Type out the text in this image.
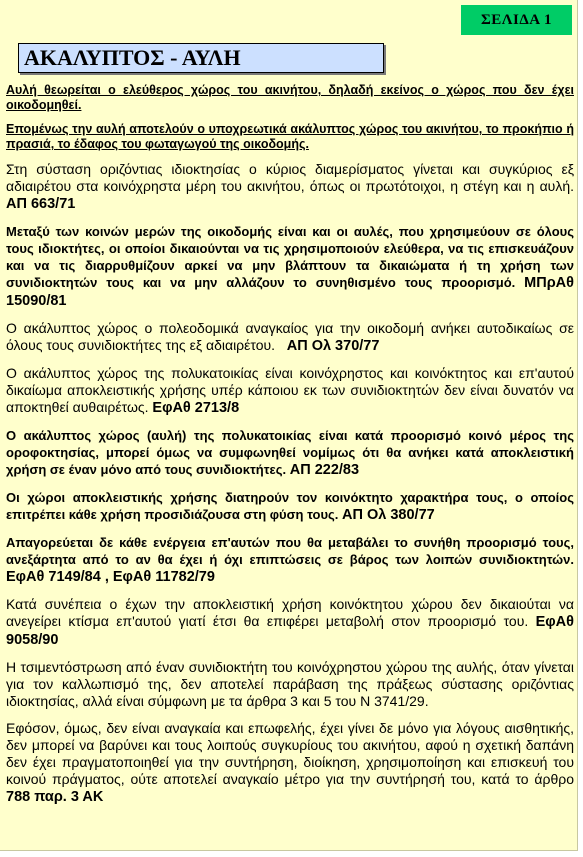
ΣΕΛΙΔΑ 1
ΑΚΑΛΥΠΤΟΣ - ΑΥΛΗ

Αυλή θεωρείται ο ελεύθερος χώρος του ακινήτου, δηλαδή εκείνος ο χώρος που δεν έχει οικοδομηθεί.

Επομένως την αυλή αποτελούν ο υποχρεωτικά ακάλυπτος χώρος του ακινήτου, το προκήπιο ή πρασιά, το έδαφος του φωταγωγού της οικοδομής.

Στη σύσταση οριζόντιας ιδιοκτησίας ο κύριος διαμερίσματος γίνεται και συγκύριος εξ αδιαιρέτου στα κοινόχρηστα μέρη του ακινήτου, όπως οι πρωτότοιχοι, η στέγη και η αυλή. ΑΠ 663/71

Μεταξύ των κοινών μερών της οικοδομής είναι και οι αυλές, που χρησιμεύουν σε όλους τους ιδιοκτήτες, οι οποίοι δικαιούνται να τις χρησιμοποιούν ελεύθερα, να τις επισκευάζουν και να τις διαρρυθμίζουν αρκεί να μην βλάπτουν τα δικαιώματα ή τη χρήση των συνιδιοκτητών τους και να μην αλλάζουν το συνηθισμένο τους προορισμό. ΜΠρΑθ 15090/81

Ο ακάλυπτος χώρος ο πολεοδομικά αναγκαίος για την οικοδομή ανήκει αυτοδικαίως σε όλους τους συνιδιοκτήτες της εξ αδιαιρέτου. ΑΠ Ολ 370/77

Ο ακάλυπτος χώρος της πολυκατοικίας είναι κοινόχρηστος και κοινόκτητος και επ'αυτού δικαίωμα αποκλειστικής χρήσης υπέρ κάποιου εκ των συνιδιοκτητών δεν είναι δυνατόν να αποκτηθεί αυθαιρέτως. ΕφΑθ 2713/8

Ο ακάλυπτος χώρος (αυλή) της πολυκατοικίας είναι κατά προορισμό κοινό μέρος της οροφοκτησίας, μπορεί όμως να συμφωνηθεί νομίμως ότι θα ανήκει κατά αποκλειστική χρήση σε έναν μόνο από τους συνιδιοκτήτες. ΑΠ 222/83

Οι χώροι αποκλειστικής χρήσης διατηρούν τον κοινόκτητο χαρακτήρα τους, ο οποίος επιτρέπει κάθε χρήση προσιδιάζουσα στη φύση τους. ΑΠ Ολ 380/77

Απαγορεύεται δε κάθε ενέργεια επ'αυτών που θα μεταβάλει το συνήθη προορισμό τους, ανεξάρτητα από το αν θα έχει ή όχι επιπτώσεις σε βάρος των λοιπών συνιδιοκτητών. ΕφΑθ 7149/84 , ΕφΑθ 11782/79

Κατά συνέπεια ο έχων την αποκλειστική χρήση κοινόκτητου χώρου δεν δικαιούται να ανεγείρει κτίσμα επ'αυτού γιατί έτσι θα επιφέρει μεταβολή στον προορισμό του. ΕφΑθ 9058/90

Η τσιμεντόστρωση από έναν συνιδιοκτήτη του κοινόχρηστου χώρου της αυλής, όταν γίνεται για τον καλλωπισμό της, δεν αποτελεί παράβαση της πράξεως σύστασης οριζόντιας ιδιοκτησίας, αλλά είναι σύμφωνη με τα άρθρα 3 και 5 του Ν 3741/29.

Εφόσον, όμως, δεν είναι αναγκαία και επωφελής, έχει γίνει δε μόνο για λόγους αισθητικής, δεν μπορεί να βαρύνει και τους λοιπούς συγκυρίους του ακινήτου, αφού η σχετική δαπάνη δεν έχει πραγματοποιηθεί για την συντήρηση, διοίκηση, χρησιμοποίηση και επισκευή του κοινού πράγματος, ούτε αποτελεί αναγκαίο μέτρο για την συντήρησή του, κατά το άρθρο 788 παρ. 3 ΑΚ
